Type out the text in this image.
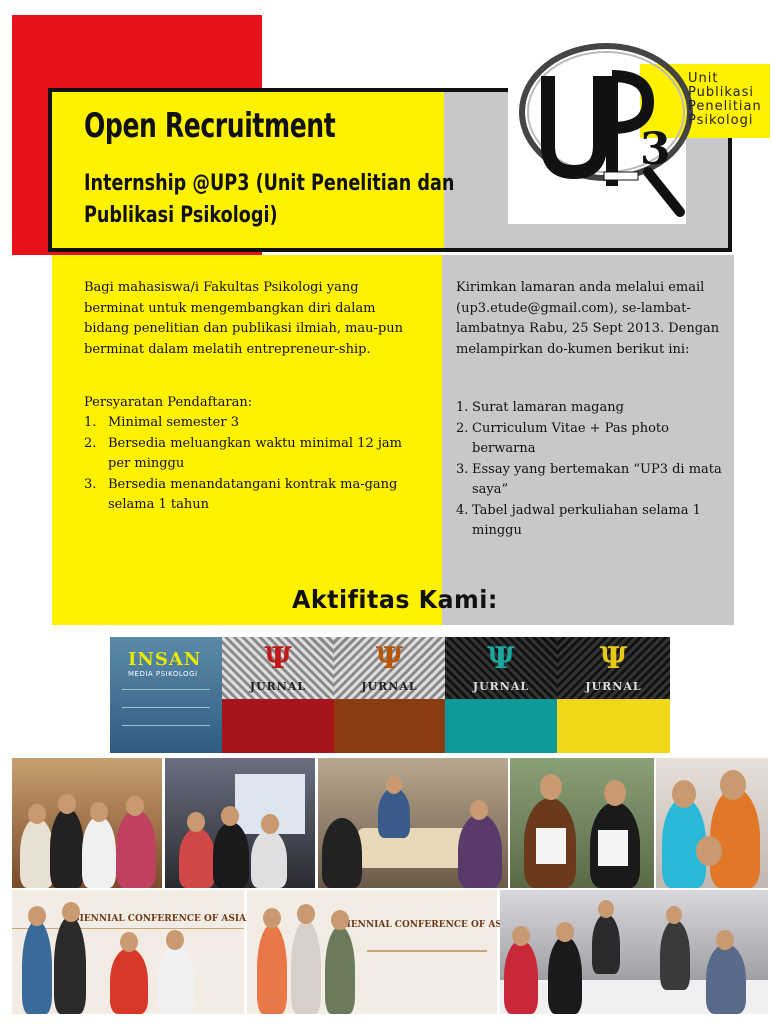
Open Recruitment

Internship @UP3 (Unit Penelitian dan Publikasi Psikologi)

3
Unit
Publikasi
Penelitian
Psikologi

Bagi mahasiswa/i Fakultas Psikologi yang berminat untuk mengembangkan diri dalam bidang penelitian dan publikasi ilmiah, mau-pun berminat dalam melatih entrepreneur-ship.

Persyaratan Pendaftaran:

1. Minimal semester 3
2. Bersedia meluangkan waktu minimal 12 jam per minggu
3. Bersedia menandatangani kontrak ma-gang selama 1 tahun

Kirimkan lamaran anda melalui email (up3.etude@gmail.com), se-lambat-lambatnya Rabu, 25 Sept 2013. Dengan melampirkan do-kumen berikut ini:

1. Surat lamaran magang
2. Curriculum Vitae + Pas photo berwarna
3. Essay yang bertemakan “UP3 di mata saya”
4. Tabel jadwal perkuliahan selama 1 minggu
Aktifitas Kami:
INSAN
MEDIA PSIKOLOGI Ψ
JURNAL
Ψ
JURNAL
Ψ
JURNAL
Ψ
JURNAL
BIENNIAL CONFERENCE OF ASIAN
BIENNIAL CONFERENCE OF
